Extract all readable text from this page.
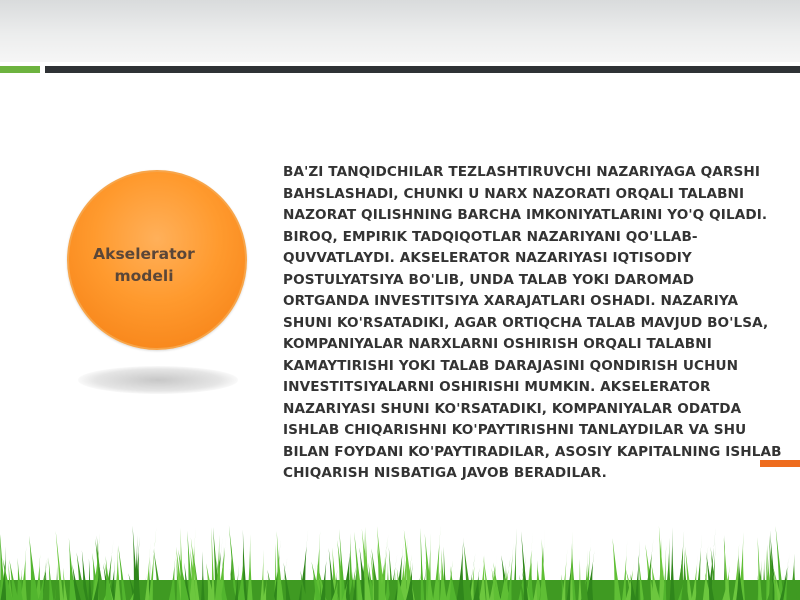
Akselerator
modeli
BA'ZI TANQIDCHILAR TEZLASHTIRUVCHI NAZARIYAGA QARSHI BAHSLASHADI, CHUNKI U NARX NAZORATI ORQALI TALABNI NAZORAT QILISHNING BARCHA IMKONIYATLARINI YO'Q QILADI. BIROQ, EMPIRIK TADQIQOTLAR NAZARIYANI QO'LLAB-QUVVATLAYDI. AKSELERATOR NAZARIYASI IQTISODIY POSTULYATSIYA BO'LIB, UNDA TALAB YOKI DAROMAD ORTGANDA INVESTITSIYA XARAJATLARI OSHADI. NAZARIYA SHUNI KO'RSATADIKI, AGAR ORTIQCHA TALAB MAVJUD BO'LSA, KOMPANIYALAR NARXLARNI OSHIRISH ORQALI TALABNI KAMAYTIRISHI YOKI TALAB DARAJASINI QONDIRISH UCHUN INVESTITSIYALARNI OSHIRISHI MUMKIN. AKSELERATOR NAZARIYASI SHUNI KO'RSATADIKI, KOMPANIYALAR ODATDA ISHLAB CHIQARISHNI KO'PAYTIRISHNI TANLAYDILAR VA SHU BILAN FOYDANI KO'PAYTIRADILAR, ASOSIY KAPITALNING ISHLAB CHIQARISH NISBATIGA JAVOB BERADILAR.
